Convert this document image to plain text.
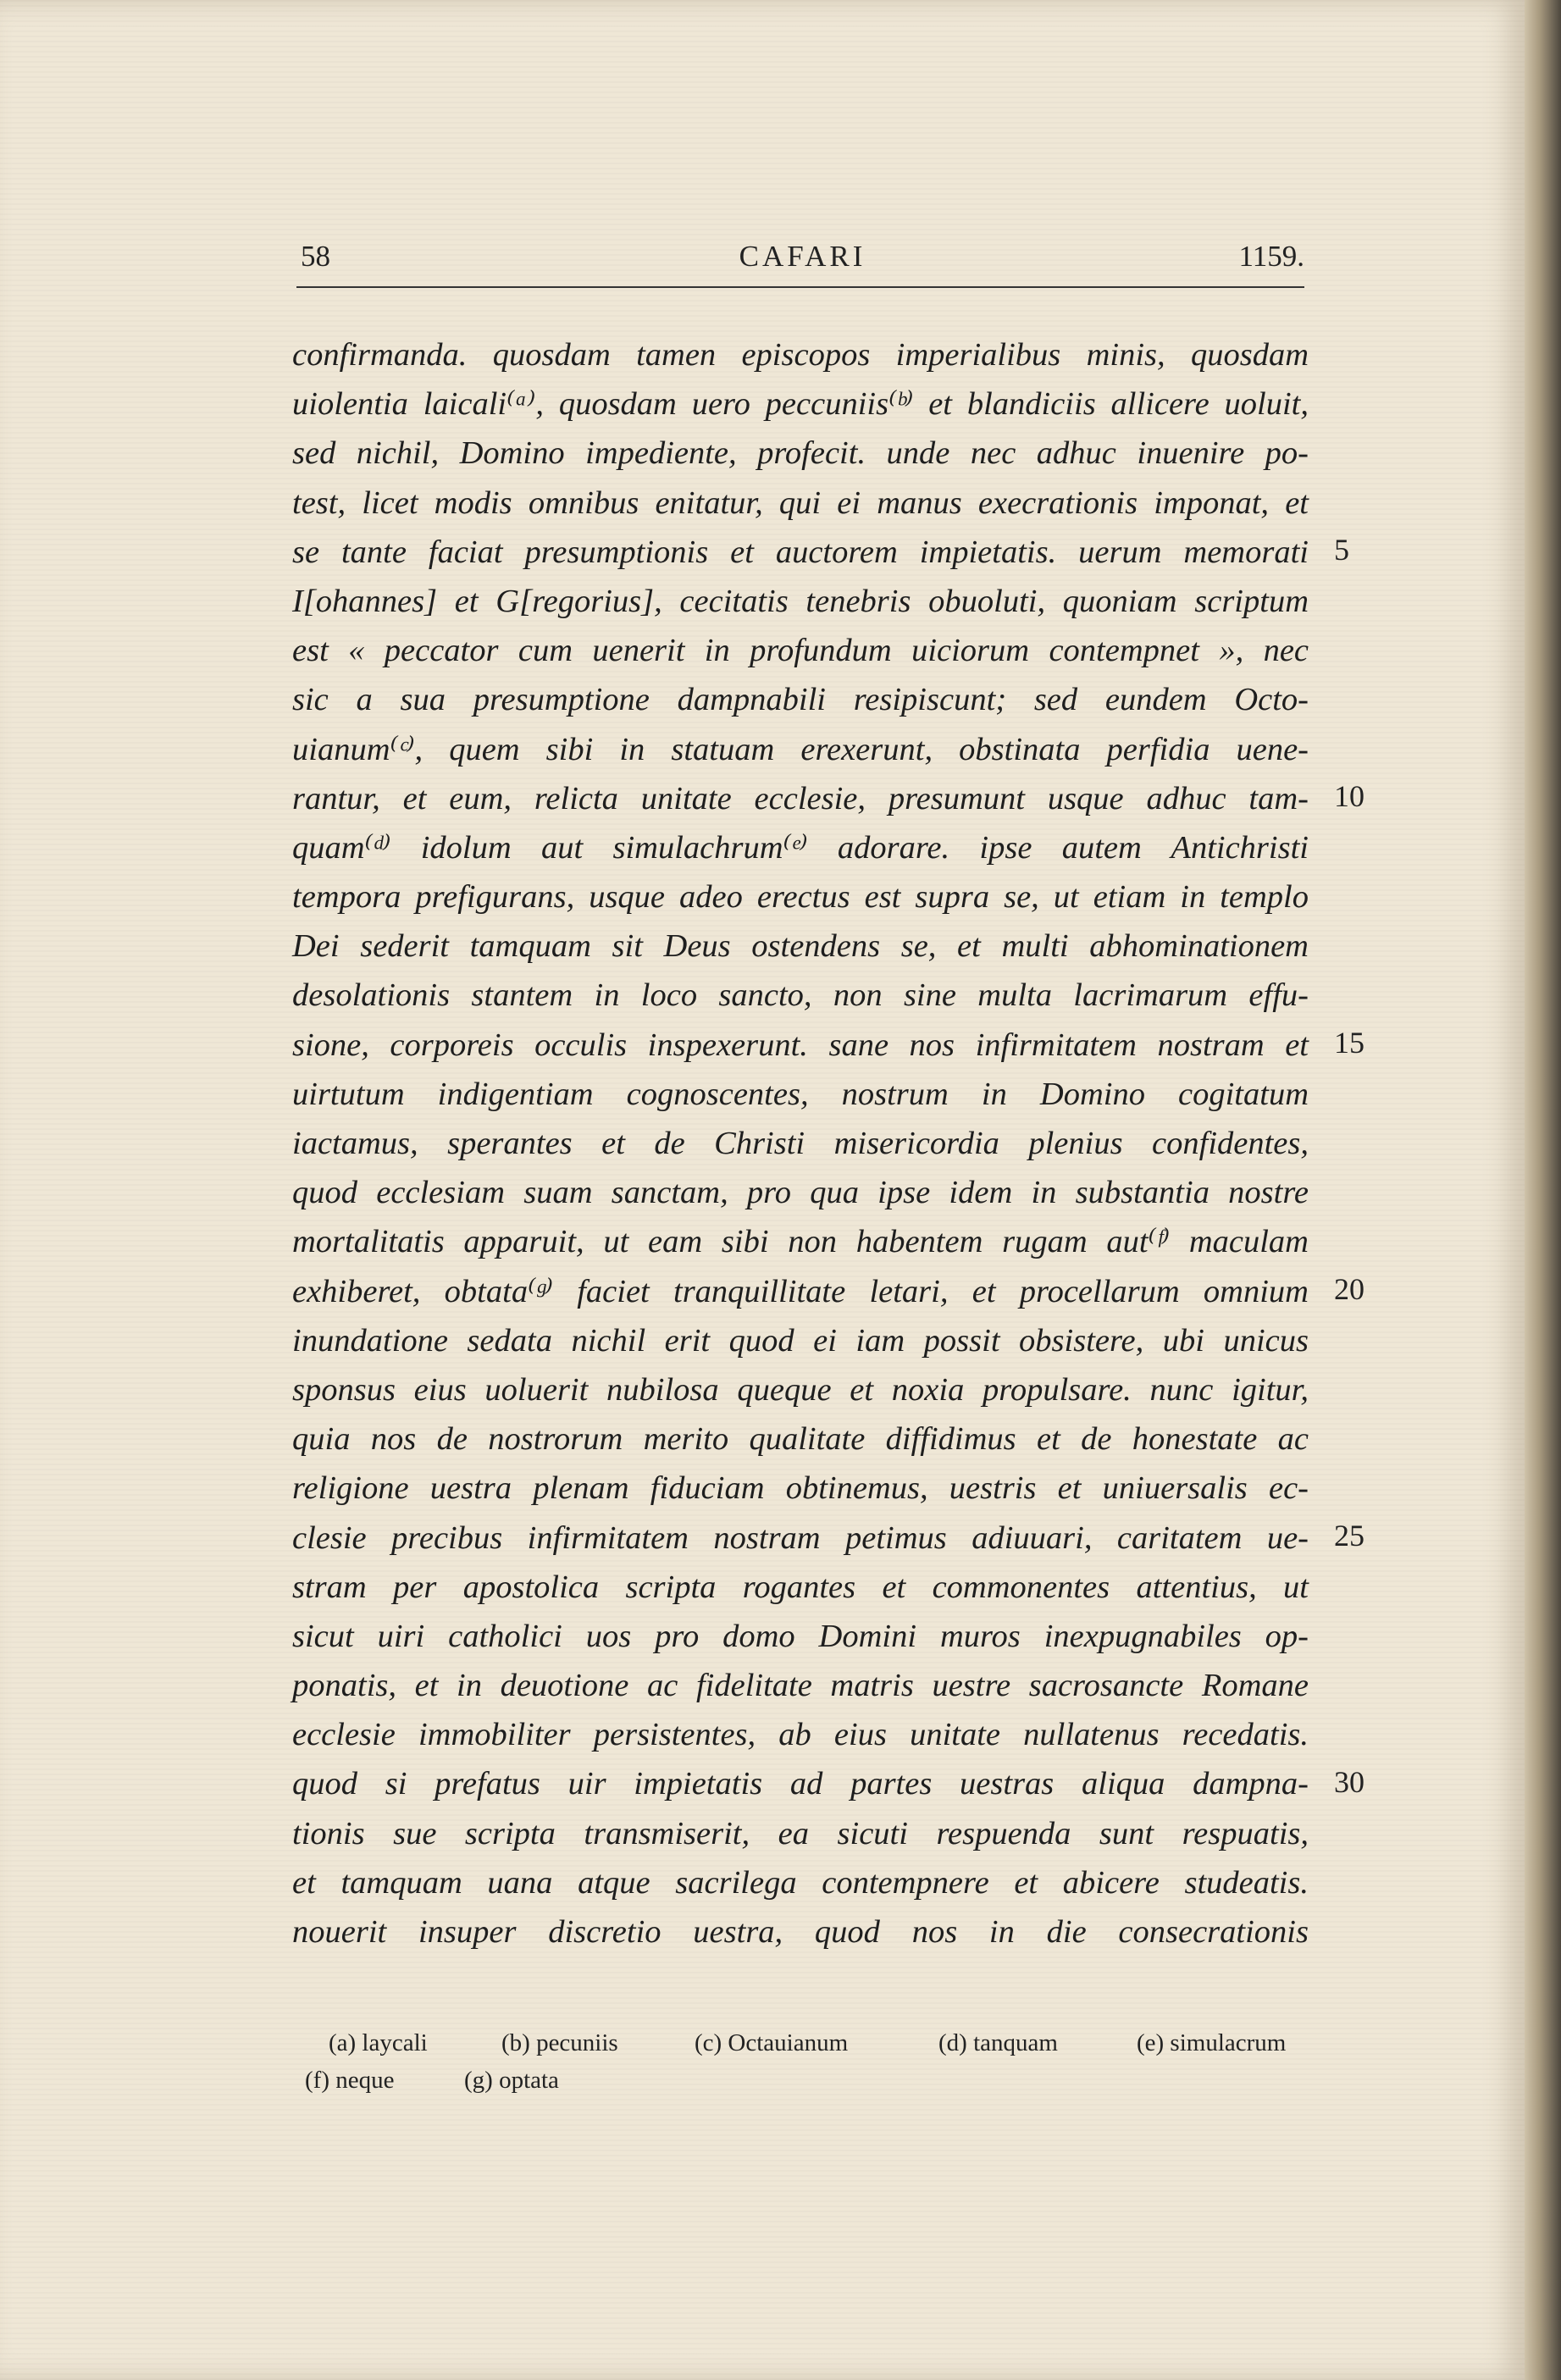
58	CAFARI	1159.
confirmanda. quosdam tamen episcopos imperialibus minis, quosdam
uiolentia laicali⁽ᵃ⁾, quosdam uero peccuniis⁽ᵇ⁾ et blandiciis allicere uoluit,
sed nichil, Domino impediente, profecit. unde nec adhuc inuenire po-
test, licet modis omnibus enitatur, qui ei manus execrationis imponat, et
se tante faciat presumptionis et auctorem impietatis. uerum memorati
I[ohannes] et G[regorius], cecitatis tenebris obuoluti, quoniam scriptum
est « peccator cum uenerit in profundum uiciorum contempnet », nec
sic a sua presumptione dampnabili resipiscunt; sed eundem Octo-
uianum⁽ᶜ⁾, quem sibi in statuam erexerunt, obstinata perfidia uene-
rantur, et eum, relicta unitate ecclesie, presumunt usque adhuc tam-
quam⁽ᵈ⁾ idolum aut simulachrum⁽ᵉ⁾ adorare. ipse autem Antichristi
tempora prefigurans, usque adeo erectus est supra se, ut etiam in templo
Dei sederit tamquam sit Deus ostendens se, et multi abhominationem
desolationis stantem in loco sancto, non sine multa lacrimarum effu-
sione, corporeis occulis inspexerunt. sane nos infirmitatem nostram et
uirtutum indigentiam cognoscentes, nostrum in Domino cogitatum
iactamus, sperantes et de Christi misericordia plenius confidentes,
quod ecclesiam suam sanctam, pro qua ipse idem in substantia nostre
mortalitatis apparuit, ut eam sibi non habentem rugam aut⁽ᶠ⁾ maculam
exhiberet, obtata⁽ᵍ⁾ faciet tranquillitate letari, et procellarum omnium
inundatione sedata nichil erit quod ei iam possit obsistere, ubi unicus
sponsus eius uoluerit nubilosa queque et noxia propulsare. nunc igitur,
quia nos de nostrorum merito qualitate diffidimus et de honestate ac
religione uestra plenam fiduciam obtinemus, uestris et uniuersalis ec-
clesie precibus infirmitatem nostram petimus adiuuari, caritatem ue-
stram per apostolica scripta rogantes et commonentes attentius, ut
sicut uiri catholici uos pro domo Domini muros inexpugnabiles op-
ponatis, et in deuotione ac fidelitate matris uestre sacrosancte Romane
ecclesie immobiliter persistentes, ab eius unitate nullatenus recedatis.
quod si prefatus uir impietatis ad partes uestras aliqua dampna-
tionis sue scripta transmiserit, ea sicuti respuenda sunt respuatis,
et tamquam uana atque sacrilega contempnere et abicere studeatis.
nouerit insuper discretio uestra, quod nos in die consecrationis
5
10
15
20
25
30
(a) laycali	(b) pecuniis	(c) Octauianum	(d) tanquam	(e) simulacrum
(f) neque	(g) optata
